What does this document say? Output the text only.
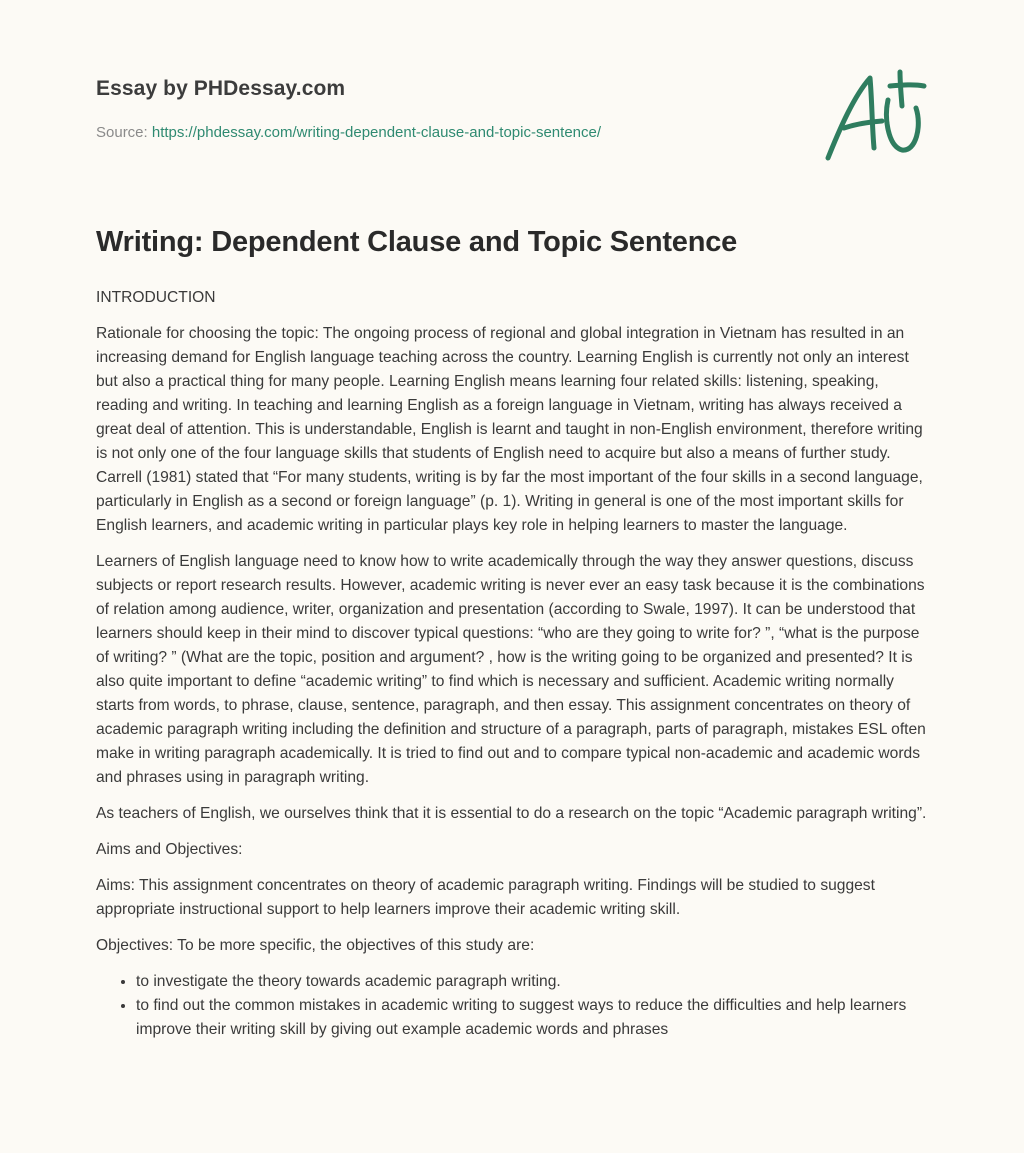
Essay by PHDessay.com

Source: https://phdessay.com/writing-dependent-clause-and-topic-sentence/

Writing: Dependent Clause and Topic Sentence

INTRODUCTION

Rationale for choosing the topic: The ongoing process of regional and global integration in Vietnam has resulted in an increasing demand for English language teaching across the country. Learning English is currently not only an interest but also a practical thing for many people. Learning English means learning four related skills: listening, speaking, reading and writing. In teaching and learning English as a foreign language in Vietnam, writing has always received a great deal of attention. This is understandable, English is learnt and taught in non-English environment, therefore writing is not only one of the four language skills that students of English need to acquire but also a means of further study. Carrell (1981) stated that “For many students, writing is by far the most important of the four skills in a second language, particularly in English as a second or foreign language” (p. 1). Writing in general is one of the most important skills for English learners, and academic writing in particular plays key role in helping learners to master the language.

Learners of English language need to know how to write academically through the way they answer questions, discuss subjects or report research results. However, academic writing is never ever an easy task because it is the combinations of relation among audience, writer, organization and presentation (according to Swale, 1997). It can be understood that learners should keep in their mind to discover typical questions: “who are they going to write for? ”, “what is the purpose of writing? ” (What are the topic, position and argument? , how is the writing going to be organized and presented? It is also quite important to define “academic writing” to find which is necessary and sufficient. Academic writing normally starts from words, to phrase, clause, sentence, paragraph, and then essay. This assignment concentrates on theory of academic paragraph writing including the definition and structure of a paragraph, parts of paragraph, mistakes ESL often make in writing paragraph academically. It is tried to find out and to compare typical non-academic and academic words and phrases using in paragraph writing.

As teachers of English, we ourselves think that it is essential to do a research on the topic “Academic paragraph writing”.

Aims and Objectives:

Aims: This assignment concentrates on theory of academic paragraph writing. Findings will be studied to suggest appropriate instructional support to help learners improve their academic writing skill.

Objectives: To be more specific, the objectives of this study are:

• to investigate the theory towards academic paragraph writing.
• to find out the common mistakes in academic writing to suggest ways to reduce the difficulties and help learners improve their writing skill by giving out example academic words and phrases
